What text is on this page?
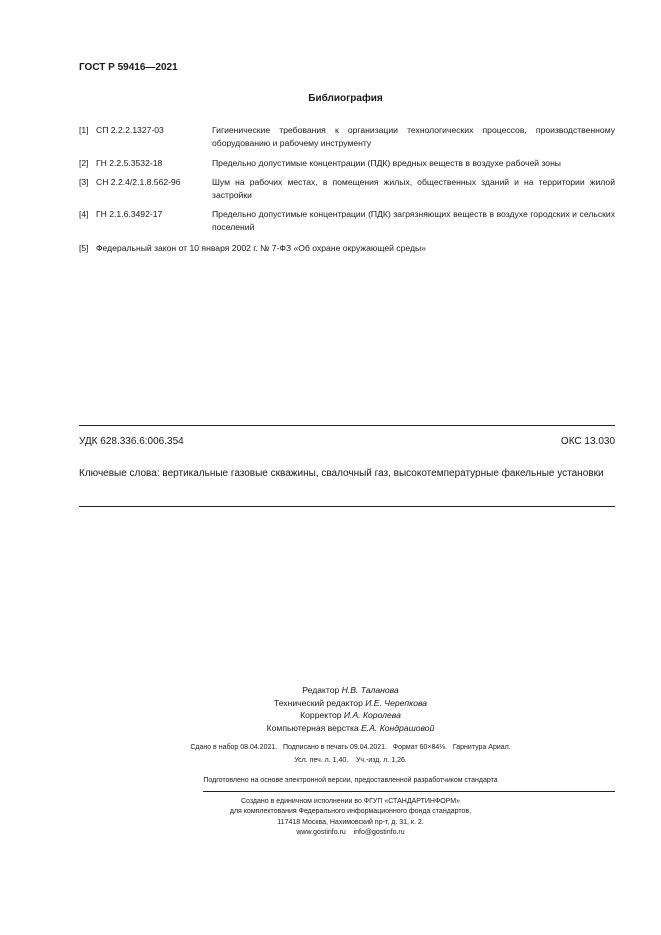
ГОСТ Р 59416—2021
Библиография
[1] СП 2.2.2.1327-03	Гигиенические требования к организации технологических процессов, производственному оборудованию и рабочему инструменту
[2] ГН 2.2.5.3532-18	Предельно допустимые концентрации (ПДК) вредных веществ в воздухе рабочей зоны
[3] СН 2.2.4/2.1.8.562-96	Шум на рабочих местах, в помещения жилых, общественных зданий и на территории жилой застройки
[4] ГН 2.1.6.3492-17	Предельно допустимые концентрации (ПДК) загрязняющих веществ в воздухе городских и сельских поселений
[5] Федеральный закон от 10 января 2002 г. № 7-ФЗ «Об охране окружающей среды»
УДК 628.336.6:006.354	ОКС 13.030
Ключевые слова: вертикальные газовые скважины, свалочный газ, высокотемпературные факельные установки
Редактор Н.В. Таланова
Технический редактор И.Е. Черепкова
Корректор И.А. Королева
Компьютерная верстка Е.А. Кондрашовой
Сдано в набор 08.04.2021.   Подписано в печать 09.04.2021.   Формат 60×84⅛.   Гарнитура Ариал.
Усл. печ. л. 1,40.    Уч.-изд. л. 1,26.
Подготовлено на основе электронной версии, предоставленной разработчиком стандарта
Создано в единичном исполнении во ФГУП «СТАНДАРТИНФОРМ»
для комплектования Федерального информационного фонда стандартов,
117418 Москва, Нахимовский пр-т, д. 31, к. 2.
www.gostinfo.ru    info@gostinfo.ru
